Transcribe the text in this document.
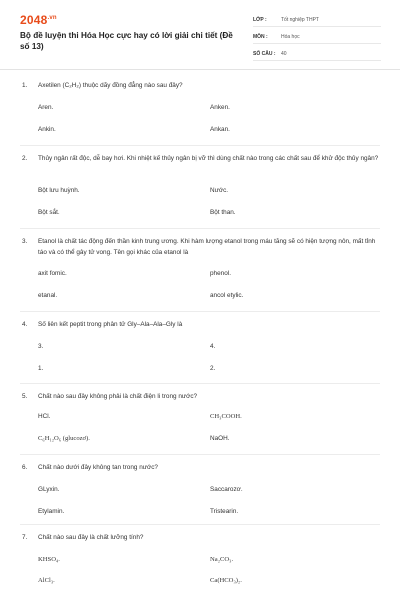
$2048^{.vn}$
Bộ đề luyện thi Hóa Học cực hay có lời giải chi tiết (Đề số 13)
LỚP :	Tốt nghiệp THPT
MÔN :	Hóa học
SỐ CÂU :	40
1.	Axetilen (C₂H₂) thuộc dãy đồng đẳng nào sau đây?
Aren.	Anken.
Ankin.	Ankan.
2.	Thủy ngân rất độc, dễ bay hơi. Khi nhiệt kế thủy ngân bị vỡ thì dùng chất nào trong các chất sau để khử độc thủy ngân?
Bột lưu huỳnh.	Nước.
Bột sắt.	Bột than.
3.	Etanol là chất tác động đến thần kinh trung ương. Khi hàm lượng etanol trong máu tăng sẽ có hiện tượng nôn, mất tỉnh táo và có thể gây tử vong. Tên gọi khác của etanol là
axit fomic.	phenol.
etanal.	ancol etylic.
4.	Số liên kết peptit trong phân tử Gly–Ala–Ala–Gly là
3.	4.
1.	2.
5.	Chất nào sau đây không phải là chất điện li trong nước?
HCl.	CH₃COOH.
C₆H₁₂O₆ (glucozơ).	NaOH.
6.	Chất nào dưới đây không tan trong nước?
GLyxin.	Saccarozơ.
Etylamin.	Tristearin.
7.	Chất nào sau đây là chất lưỡng tính?
KHSO₄.	Na₂CO₃.
AlCl₃.	Ca(HCO₃)₂.
